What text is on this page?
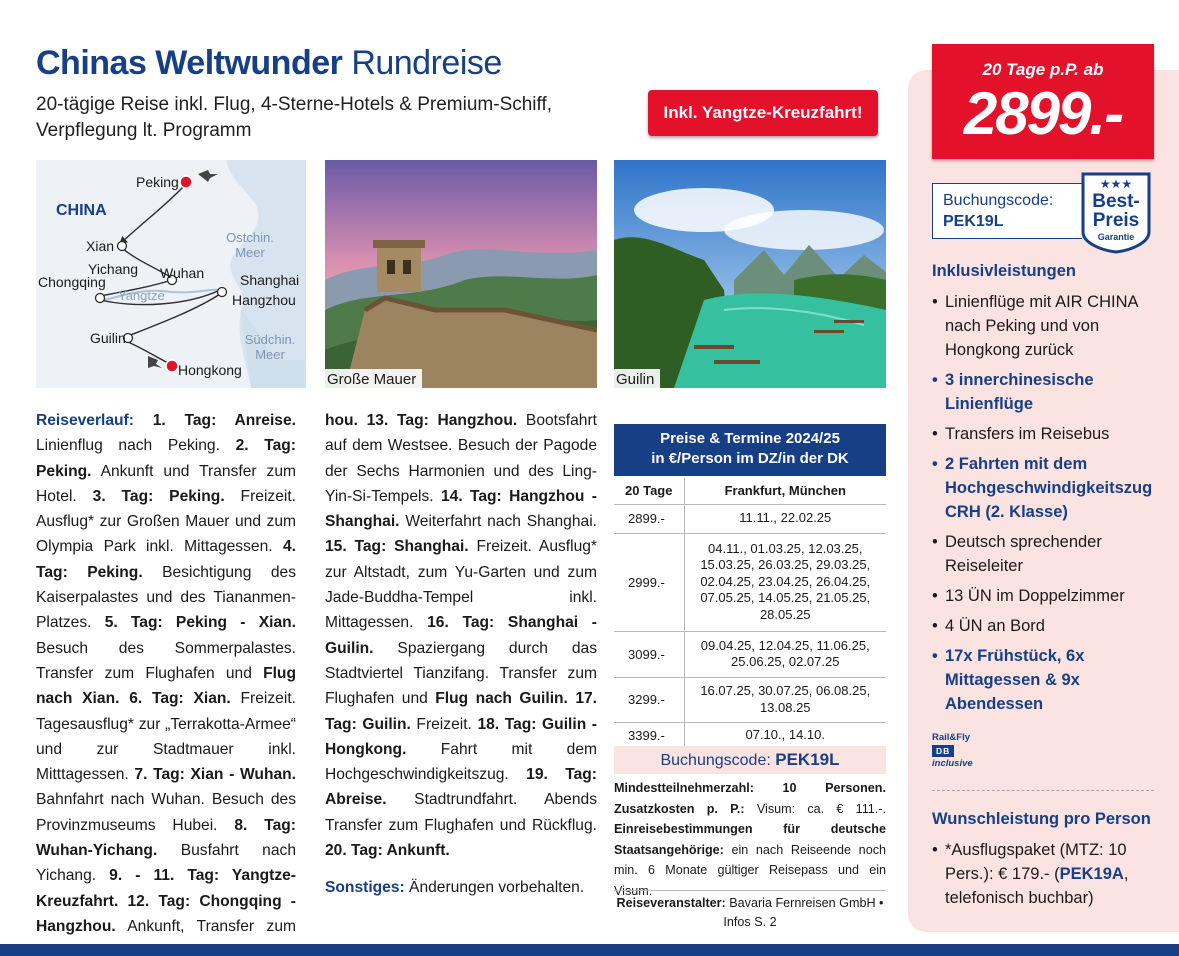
Chinas Weltwunder Rundreise
20-tägige Reise inkl. Flug, 4-Sterne-Hotels & Premium-Schiff, Verpflegung lt. Programm
Inkl. Yangtze-Kreuzfahrt!
CHINA
Ostchin. Meer
Südchin. Meer
Yangtze
Peking
Xian
Yichang Wuhan
Chongqing	Shanghai
Hangzhou
Guilin
Hongkong
Große Mauer	Guilin
Reiseverlauf: 1. Tag: Anreise. Linienflug nach Peking. 2. Tag: Peking. Ankunft und Transfer zum Hotel. 3. Tag: Peking. Freizeit. Ausflug* zur Großen Mauer und zum Olympia Park inkl. Mittagessen. 4. Tag: Peking. Besichtigung des Kaiserpalastes und des Tiananmen-Platzes. 5. Tag: Peking - Xian. Besuch des Sommerpalastes. Transfer zum Flughafen und Flug nach Xian. 6. Tag: Xian. Freizeit. Tagesausflug* zur „Terrakotta-Armee“ und zur Stadtmauer inkl. Mitttagessen. 7. Tag: Xian - Wuhan. Bahnfahrt nach Wuhan. Besuch des Provinzmuseums Hubei. 8. Tag: Wuhan-Yichang. Busfahrt nach Yichang. 9. - 11. Tag: Yangtze-Kreuzfahrt. 12. Tag: Chongqing - Hangzhou. Ankunft, Transfer zum
hou. 13. Tag: Hangzhou. Bootsfahrt auf dem Westsee. Besuch der Pagode der Sechs Harmonien und des Ling-Yin-Si-Tempels. 14. Tag: Hangzhou - Shanghai. Weiterfahrt nach Shanghai. 15. Tag: Shanghai. Freizeit. Ausflug* zur Altstadt, zum Yu-Garten und zum Jade-Buddha-Tempel inkl. Mittagessen. 16. Tag: Shanghai - Guilin. Spaziergang durch das Stadtviertel Tianzifang. Transfer zum Flughafen und Flug nach Guilin. 17. Tag: Guilin. Freizeit. 18. Tag: Guilin - Hongkong. Fahrt mit dem Hochgeschwindigkeitszug. 19. Tag: Abreise. Stadtrundfahrt. Abends Transfer zum Flughafen und Rückflug. 20. Tag: Ankunft.
Sonstiges: Änderungen vorbehalten.
Preise & Termine 2024/25
in €/Person im DZ/in der DK
20 Tage	Frankfurt, München
2899.-	11.11., 22.02.25
2999.-	04.11., 01.03.25, 12.03.25, 15.03.25, 26.03.25, 29.03.25, 02.04.25, 23.04.25, 26.04.25, 07.05.25, 14.05.25, 21.05.25, 28.05.25
3099.-	09.04.25, 12.04.25, 11.06.25, 25.06.25, 02.07.25
3299.-	16.07.25, 30.07.25, 06.08.25, 13.08.25
3399.-	07.10., 14.10.
Buchungscode: PEK19L
Mindestteilnehmerzahl: 10 Personen. Zusatzkosten p. P.: Visum: ca. € 111.-. Einreisebestimmungen für deutsche Staatsangehörige: ein nach Reiseende noch min. 6 Monate gültiger Reisepass und ein Visum.
Reiseveranstalter: Bavaria Fernreisen GmbH • Infos S. 2
20 Tage p.P. ab
2899.-
Buchungscode:
PEK19L
★★★
Best-
Preis
Garantie
Inklusivleistungen
• Linienflüge mit AIR CHINA nach Peking und von Hongkong zurück
• 3 innerchinesische Linienflüge
• Transfers im Reisebus
• 2 Fahrten mit dem Hochgeschwindigkeitszug CRH (2. Klasse)
• Deutsch sprechender Reiseleiter
• 13 ÜN im Doppelzimmer
• 4 ÜN an Bord
• 17x Frühstück, 6x Mittagessen & 9x Abendessen
Rail&Fly
DB
inclusive
Wunschleistung pro Person
• *Ausflugspaket (MTZ: 10 Pers.): € 179.- (PEK19A, telefonisch buchbar)
